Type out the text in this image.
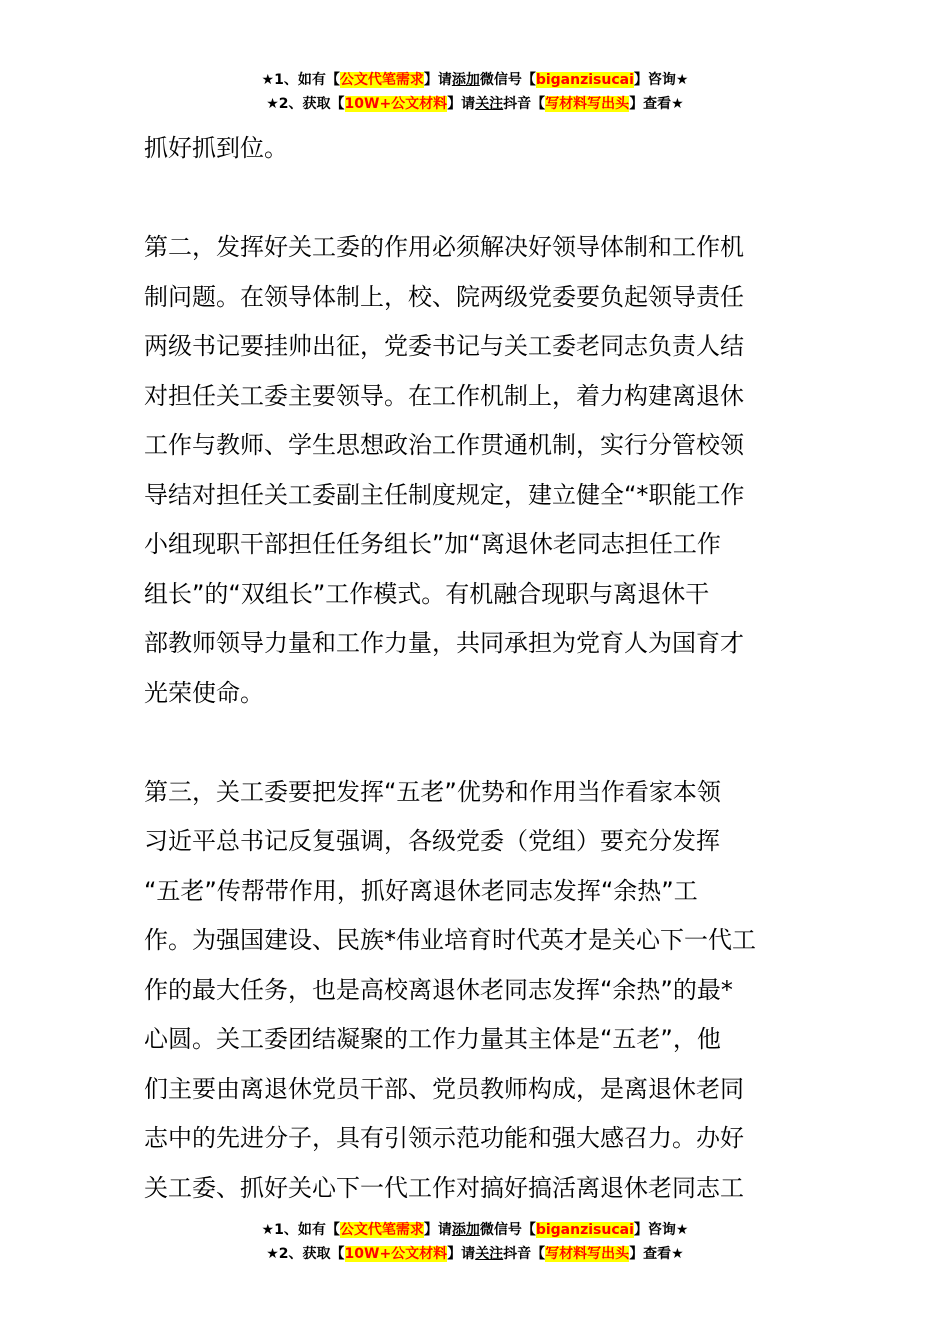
★1、如有【公文代笔需求】请添加微信号【biganzisucai】咨询★
★2、获取【10W+公文材料】请关注抖音【写材料写出头】查看★
抓好抓到位。
第二，发挥好关工委的作用必须解决好领导体制和工作机
制问题。在领导体制上，校、院两级党委要负起领导责任
两级书记要挂帅出征，党委书记与关工委老同志负责人结
对担任关工委主要领导。在工作机制上，着力构建离退休
工作与教师、学生思想政治工作贯通机制，实行分管校领
导结对担任关工委副主任制度规定，建立健全“*职能工作
小组现职干部担任任务组长”加“离退休老同志担任工作
组长”的“双组长”工作模式。有机融合现职与离退休干
部教师领导力量和工作力量，共同承担为党育人为国育才
光荣使命。
第三，关工委要把发挥“五老”优势和作用当作看家本领
习近平总书记反复强调，各级党委（党组）要充分发挥
“五老”传帮带作用，抓好离退休老同志发挥“余热”工
作。为强国建设、民族*伟业培育时代英才是关心下一代工
作的最大任务，也是高校离退休老同志发挥“余热”的最*
心圆。关工委团结凝聚的工作力量其主体是“五老”，他
们主要由离退休党员干部、党员教师构成，是离退休老同
志中的先进分子，具有引领示范功能和强大感召力。办好
关工委、抓好关心下一代工作对搞好搞活离退休老同志工
★1、如有【公文代笔需求】请添加微信号【biganzisucai】咨询★
★2、获取【10W+公文材料】请关注抖音【写材料写出头】查看★
